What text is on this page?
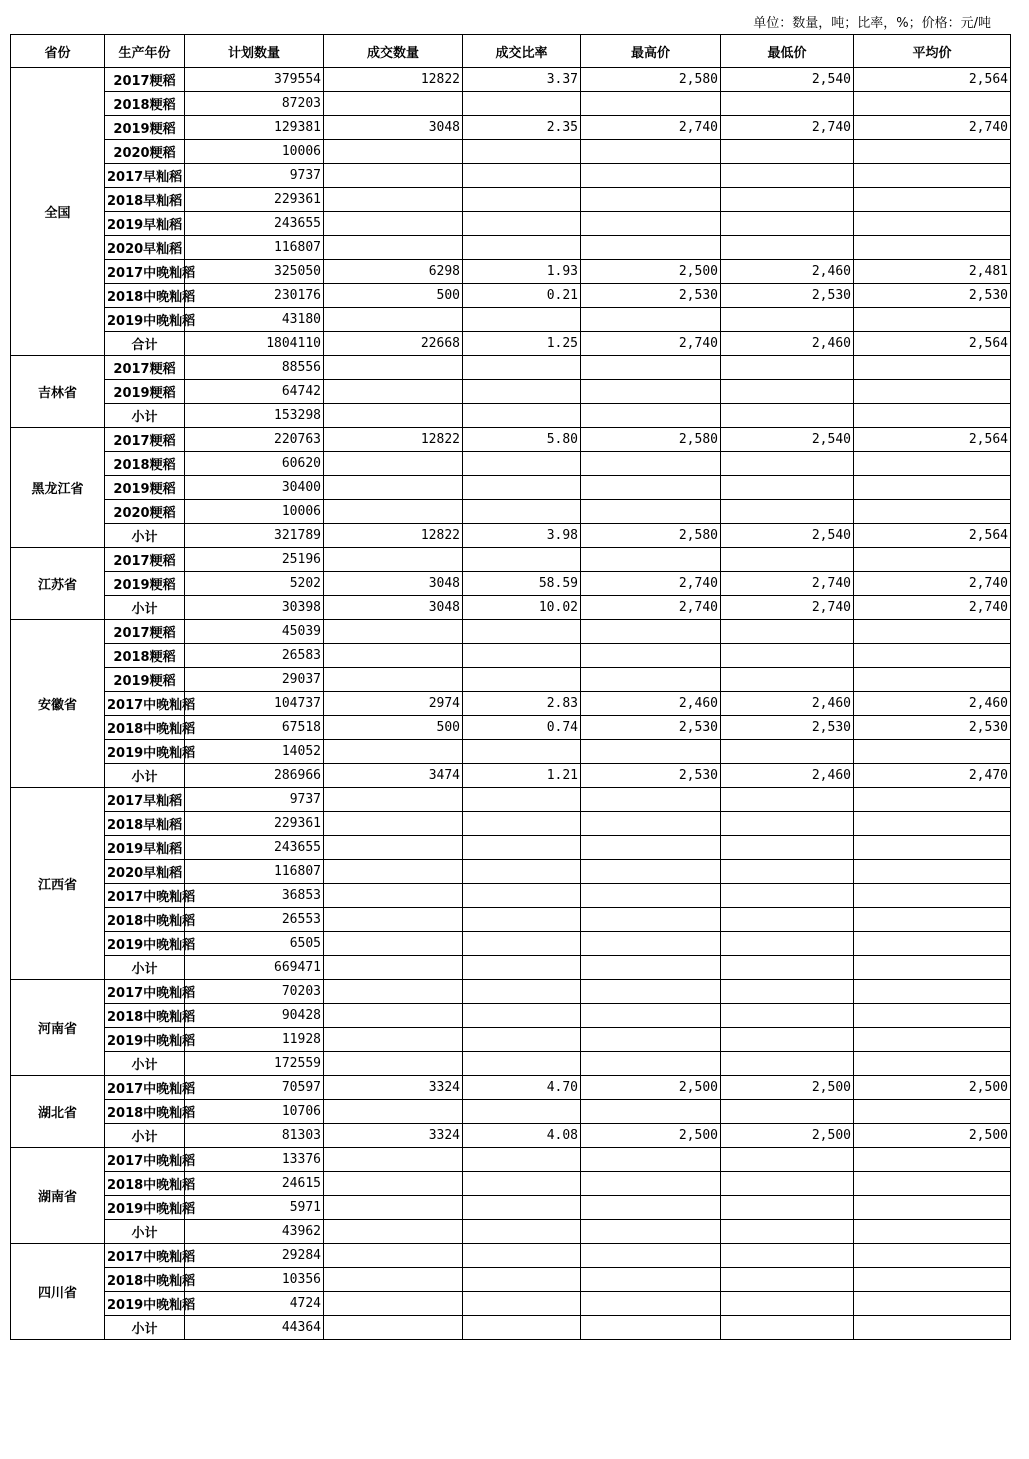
单位：数量，吨；比率，%；价格：元/吨
省份	生产年份	计划数量	成交数量	成交比率	最高价	最低价	平均价
全国	2017粳稻	379554	12822	3.37	2,580	2,540	2,564
	2018粳稻	87203					
	2019粳稻	129381	3048	2.35	2,740	2,740	2,740
	2020粳稻	10006					
	2017早籼稻	9737					
	2018早籼稻	229361					
	2019早籼稻	243655					
	2020早籼稻	116807					
	2017中晚籼稻	325050	6298	1.93	2,500	2,460	2,481
	2018中晚籼稻	230176	500	0.21	2,530	2,530	2,530
	2019中晚籼稻	43180					
	合计	1804110	22668	1.25	2,740	2,460	2,564
吉林省	2017粳稻	88556					
	2019粳稻	64742					
	小计	153298					
黑龙江省	2017粳稻	220763	12822	5.80	2,580	2,540	2,564
	2018粳稻	60620					
	2019粳稻	30400					
	2020粳稻	10006					
	小计	321789	12822	3.98	2,580	2,540	2,564
江苏省	2017粳稻	25196					
	2019粳稻	5202	3048	58.59	2,740	2,740	2,740
	小计	30398	3048	10.02	2,740	2,740	2,740
安徽省	2017粳稻	45039					
	2018粳稻	26583					
	2019粳稻	29037					
	2017中晚籼稻	104737	2974	2.83	2,460	2,460	2,460
	2018中晚籼稻	67518	500	0.74	2,530	2,530	2,530
	2019中晚籼稻	14052					
	小计	286966	3474	1.21	2,530	2,460	2,470
江西省	2017早籼稻	9737					
	2018早籼稻	229361					
	2019早籼稻	243655					
	2020早籼稻	116807					
	2017中晚籼稻	36853					
	2018中晚籼稻	26553					
	2019中晚籼稻	6505					
	小计	669471					
河南省	2017中晚籼稻	70203					
	2018中晚籼稻	90428					
	2019中晚籼稻	11928					
	小计	172559					
湖北省	2017中晚籼稻	70597	3324	4.70	2,500	2,500	2,500
	2018中晚籼稻	10706					
	小计	81303	3324	4.08	2,500	2,500	2,500
湖南省	2017中晚籼稻	13376					
	2018中晚籼稻	24615					
	2019中晚籼稻	5971					
	小计	43962					
四川省	2017中晚籼稻	29284					
	2018中晚籼稻	10356					
	2019中晚籼稻	4724					
	小计	44364					
